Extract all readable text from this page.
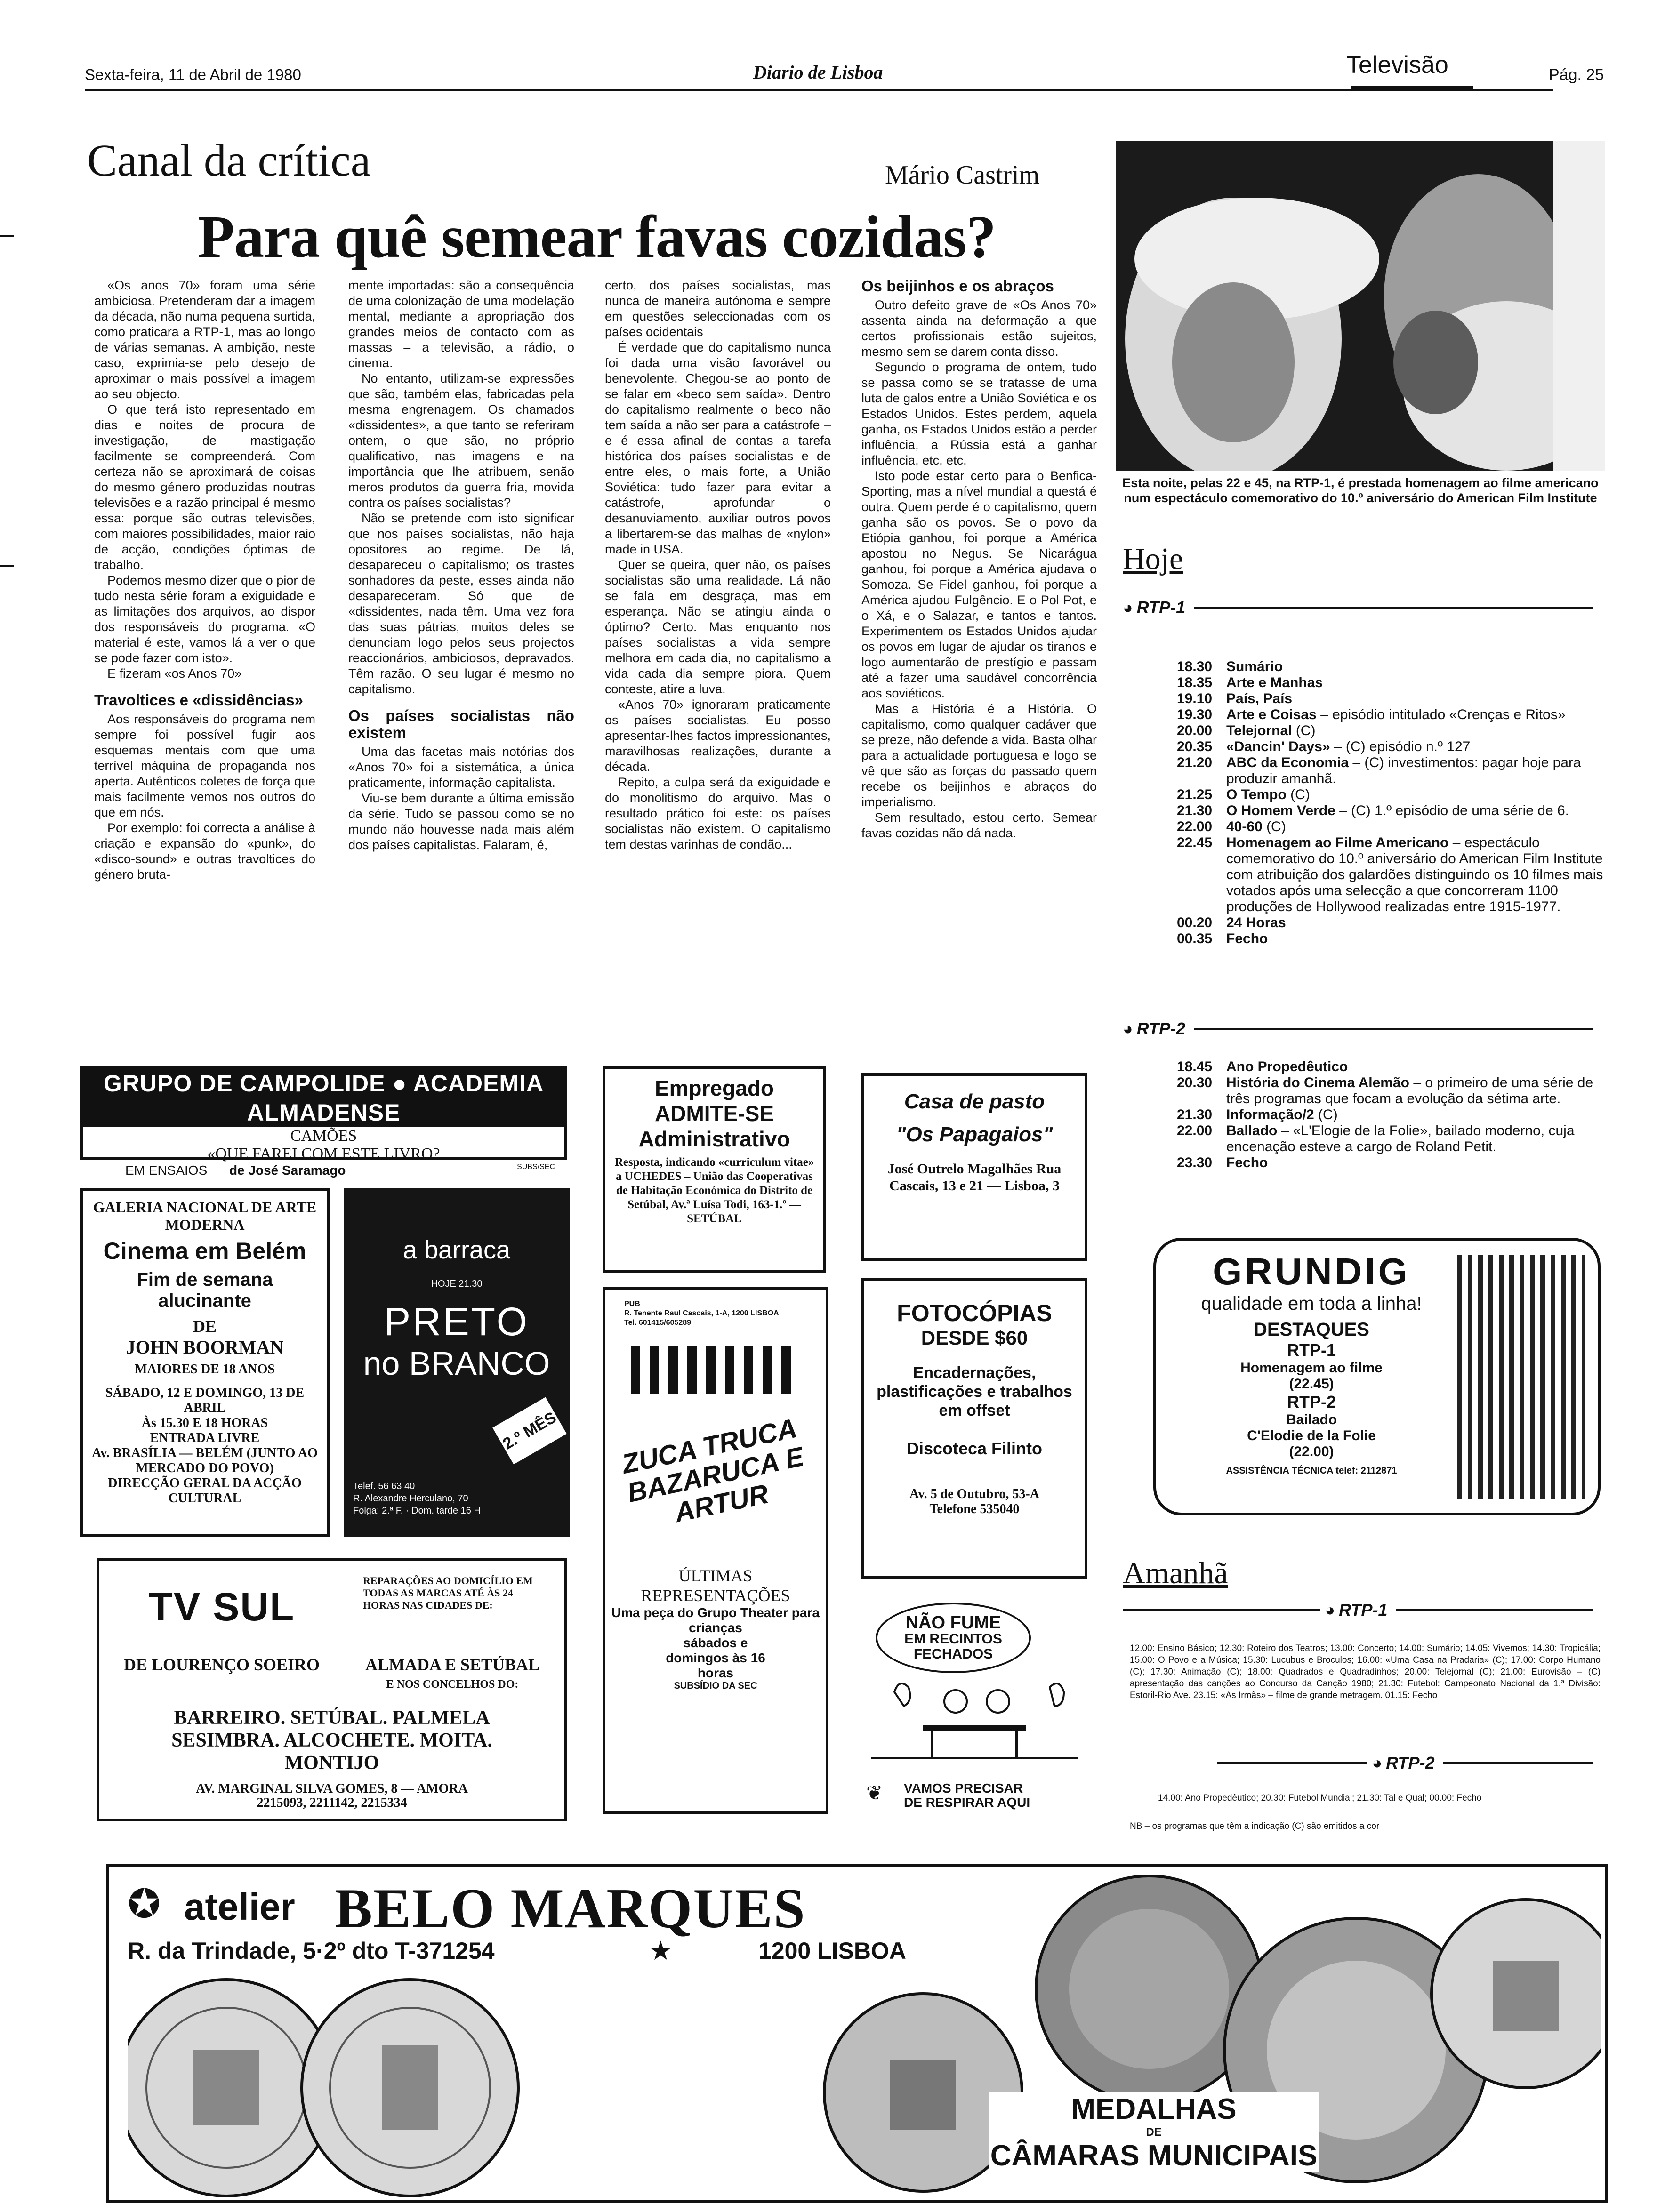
Sexta-feira, 11 de Abril de 1980	Diario de Lisboa	Televisão	Pág. 25
Canal da crítica	Mário Castrim
Para quê semear favas cozidas?

«Os anos 70» foram uma série ambiciosa. Pretenderam dar a imagem da década, não numa pequena surtida, como praticara a RTP-1, mas ao longo de várias semanas. A ambição, neste caso, exprimia-se pelo desejo de aproximar o mais possível a imagem ao seu objecto.

O que terá isto representado em dias e noites de procura de investigação, de mastigação facilmente se compreenderá. Com certeza não se aproximará de coisas do mesmo género produzidas noutras televisões e a razão principal é mesmo essa: porque são outras televisões, com maiores possibilidades, maior raio de acção, condições óptimas de trabalho.

Podemos mesmo dizer que o pior de tudo nesta série foram a exiguidade e as limitações dos arquivos, ao dispor dos responsáveis do programa. «O material é este, vamos lá a ver o que se pode fazer com isto».

E fizeram «os Anos 70»

Travoltices e «dissidências»

Aos responsáveis do programa nem sempre foi possível fugir aos esquemas mentais com que uma terrível máquina de propaganda nos aperta. Autênticos coletes de força que mais facilmente vemos nos outros do que em nós.

Por exemplo: foi correcta a análise à criação e expansão do «punk», do «disco-sound» e outras travoltices do género bruta-

mente importadas: são a consequência de uma colonização de uma modelação mental, mediante a apropriação dos grandes meios de contacto com as massas – a televisão, a rádio, o cinema.

No entanto, utilizam-se expressões que são, também elas, fabricadas pela mesma engrenagem. Os chamados «dissidentes», a que tanto se referiram ontem, o que são, no próprio qualificativo, nas imagens e na importância que lhe atribuem, senão meros produtos da guerra fria, movida contra os países socialistas?

Não se pretende com isto significar que nos países socialistas, não haja opositores ao regime. De lá, desapareceu o capitalismo; os trastes sonhadores da peste, esses ainda não desapareceram. Só que de «dissidentes, nada têm. Uma vez fora das suas pátrias, muitos deles se denunciam logo pelos seus projectos reaccionários, ambiciosos, depravados. Têm razão. O seu lugar é mesmo no capitalismo.

Os países socialistas não existem

Uma das facetas mais notórias dos «Anos 70» foi a sistemática, a única praticamente, informação capitalista.

Viu-se bem durante a última emissão da série. Tudo se passou como se no mundo não houvesse nada mais além dos países capitalistas. Falaram, é,

certo, dos países socialistas, mas nunca de maneira autónoma e sempre em questões seleccionadas com os países ocidentais

É verdade que do capitalismo nunca foi dada uma visão favorável ou benevolente. Chegou-se ao ponto de se falar em «beco sem saída». Dentro do capitalismo realmente o beco não tem saída a não ser para a catástrofe – e é essa afinal de contas a tarefa histórica dos países socialistas e de entre eles, o mais forte, a União Soviética: tudo fazer para evitar a catástrofe, aprofundar o desanuviamento, auxiliar outros povos a libertarem-se das malhas de «nylon» made in USA.

Quer se queira, quer não, os países socialistas são uma realidade. Lá não se fala em desgraça, mas em esperança. Não se atingiu ainda o óptimo? Certo. Mas enquanto nos países socialistas a vida sempre melhora em cada dia, no capitalismo a vida cada dia sempre piora. Quem conteste, atire a luva.

«Anos 70» ignoraram praticamente os países socialistas. Eu posso apresentar-lhes factos impressionantes, maravilhosas realizações, durante a década.

Repito, a culpa será da exiguidade e do monolitismo do arquivo. Mas o resultado prático foi este: os países socialistas não existem. O capitalismo tem destas varinhas de condão...

Os beijinhos e os abraços

Outro defeito grave de «Os Anos 70» assenta ainda na deformação a que certos profissionais estão sujeitos, mesmo sem se darem conta disso.

Segundo o programa de ontem, tudo se passa como se se tratasse de uma luta de galos entre a União Soviética e os Estados Unidos. Estes perdem, aquela ganha, os Estados Unidos estão a perder influência, a Rússia está a ganhar influência, etc, etc.

Isto pode estar certo para o Benfica-Sporting, mas a nível mundial a questá é outra. Quem perde é o capitalismo, quem ganha são os povos. Se o povo da Etiópia ganhou, foi porque a América apostou no Negus. Se Nicarágua ganhou, foi porque a América ajudava o Somoza. Se Fidel ganhou, foi porque a América ajudou Fulgêncio. E o Pol Pot, e o Xá, e o Salazar, e tantos e tantos. Experimentem os Estados Unidos ajudar os povos em lugar de ajudar os tiranos e logo aumentarão de prestígio e passam até a fazer uma saudável concorrência aos soviéticos.

Mas a História é a História. O capitalismo, como qualquer cadáver que se preze, não defende a vida. Basta olhar para a actualidade portuguesa e logo se vê que são as forças do passado quem recebe os beijinhos e abraços do imperialismo.

Sem resultado, estou certo. Semear favas cozidas não dá nada.

Esta noite, pelas 22 e 45, na RTP-1, é prestada homenagem ao filme americano num espectáculo comemorativo do 10.º aniversário do American Film Institute
Hoje
◕ RTP-1
18.30 Sumário
18.35 Arte e Manhas
19.10 País, País
19.30 Arte e Coisas – episódio intitulado «Crenças e Ritos»
20.00 Telejornal (C)
20.35 «Dancin' Days» – (C) episódio n.º 127
21.20 ABC da Economia – (C) investimentos: pagar hoje para produzir amanhã.
21.25 O Tempo (C)
21.30 O Homem Verde – (C) 1.º episódio de uma série de 6.
22.00 40-60 (C)
22.45 Homenagem ao Filme Americano – espectáculo comemorativo do 10.º aniversário do American Film Institute com atribuição dos galardões distinguindo os 10 filmes mais votados após uma selecção a que concorreram 1100 produções de Hollywood realizadas entre 1915-1977.
00.20 24 Horas
00.35 Fecho
◕ RTP-2
18.45 Ano Propedêutico
20.30 História do Cinema Alemão – o primeiro de uma série de três programas que focam a evolução da sétima arte.
21.30 Informação/2 (C)
22.00 Ballado – «L'Elogie de la Folie», bailado moderno, cuja encenação esteve a cargo de Roland Petit.
23.30 Fecho
GRUNDIG
qualidade em toda a linha!
DESTAQUES
RTP-1
Homenagem ao filme
(22.45)
RTP-2
Bailado
C'Elodie de la Folie
(22.00)
ASSISTÊNCIA TÉCNICA telef: 2112871
Amanhã
◕ RTP-1
12.00: Ensino Básico; 12.30: Roteiro dos Teatros; 13.00: Concerto; 14.00: Sumário; 14.05: Vivemos; 14.30: Tropicália; 15.00: O Povo e a Música; 15.30: Lucubus e Broculos; 16.00: «Uma Casa na Pradaria» (C); 17.00: Corpo Humano (C); 17.30: Animação (C); 18.00: Quadrados e Quadradinhos; 20.00: Telejornal (C); 21.00: Eurovisão – (C) apresentação das canções ao Concurso da Canção 1980; 21.30: Futebol: Campeonato Nacional da 1.ª Divisão: Estoril-Rio Ave. 23.15: «As Irmãs» – filme de grande metragem. 01.15: Fecho
◕ RTP-2
14.00: Ano Propedêutico; 20.30: Futebol Mundial; 21.30: Tal e Qual; 00.00: Fecho
NB – os programas que têm a indicação (C) são emitidos a cor
GRUPO DE CAMPOLIDE ● ACADEMIA ALMADENSE
CAMÕES
«QUE FAREI COM ESTE LIVRO?
EM ENSAIOS de José Saramago	SUBS/SEC
Empregado
ADMITE-SE
Administrativo
Resposta, indicando «curriculum vitae» a UCHEDES – União das Cooperativas de Habitação Económica do Distrito de Setúbal, Av.ª Luísa Todi, 163-1.º — SETÚBAL
Casa de pasto
"Os Papagaios"
José Outrelo Magalhães Rua Cascais, 13 e 21 — Lisboa, 3
GALERIA NACIONAL DE ARTE MODERNA
Cinema em Belém
Fim de semana alucinante
DE
JOHN BOORMAN
MAIORES DE 18 ANOS
SÁBADO, 12 E DOMINGO, 13 DE ABRIL
Às 15.30 E 18 HORAS
ENTRADA LIVRE
Av. BRASÍLIA — BELÉM (JUNTO AO MERCADO DO POVO)
DIRECÇÃO GERAL DA ACÇÃO CULTURAL
a barraca
HOJE 21.30
PRETO
no BRANCO
2.º MÊS
Telef. 56 63 40
R. Alexandre Herculano, 70
Folga: 2.ª F. · Dom. tarde 16 H
PUB
R. Tenente Raul Cascais, 1-A, 1200 LISBOA
Tel. 601415/605289
ZUCA TRUCA BAZARUCA E ARTUR
ÚLTIMAS
REPRESENTAÇÕES
Uma peça do Grupo Theater para crianças
sábados e domingos às 16 horas
SUBSÍDIO DA SEC
FOTOCÓPIAS
DESDE $60
Encadernações, plastificações e trabalhos em offset
Discoteca Filinto
Av. 5 de Outubro, 53-A
Telefone 535040
NÃO FUME
EM RECINTOS FECHADOS
❦ VAMOS PRECISAR
DE RESPIRAR AQUI
TV SUL
DE LOURENÇO SOEIRO
REPARAÇÕES AO DOMICÍLIO EM TODAS AS MARCAS ATÉ ÀS 24 HORAS NAS CIDADES DE:
ALMADA E SETÚBAL
E NOS CONCELHOS DO:
BARREIRO. SETÚBAL. PALMELA
SESIMBRA. ALCOCHETE. MOITA.
MONTIJO
AV. MARGINAL SILVA GOMES, 8 — AMORA
2215093, 2211142, 2215334
✪ atelier BELO MARQUES
R. da Trindade, 5·2º dto T-371254	★	1200 LISBOA
MEDALHAS
DE
CÂMARAS MUNICIPAIS
